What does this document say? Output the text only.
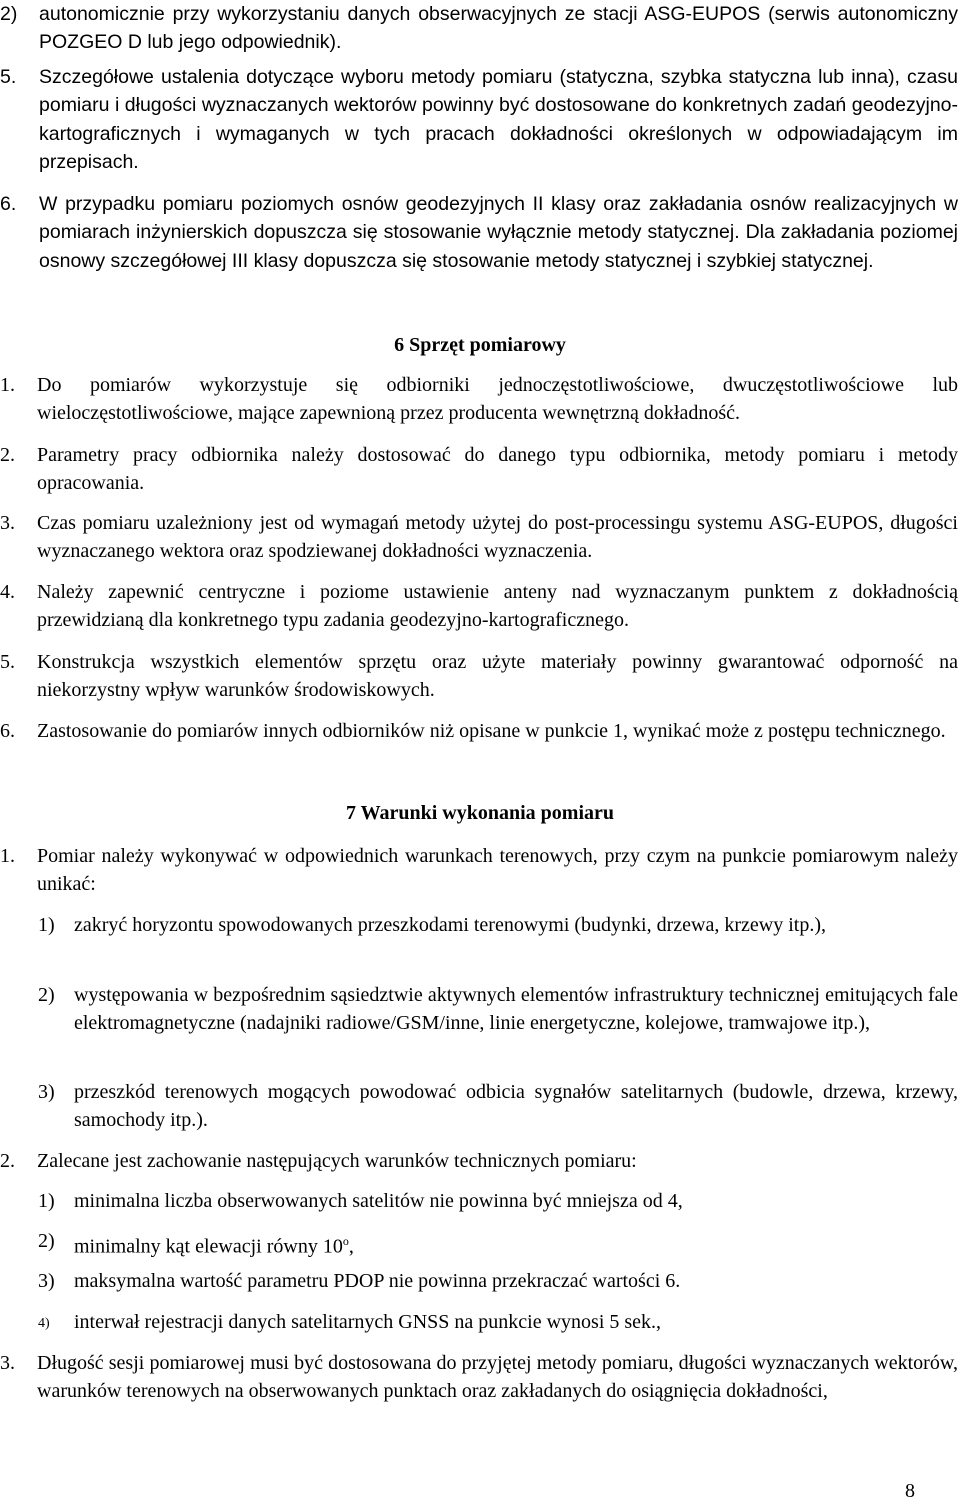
2) autonomicznie przy wykorzystaniu danych obserwacyjnych ze stacji ASG-EUPOS (serwis autonomiczny POZGEO D lub jego odpowiednik).
5. Szczegółowe ustalenia dotyczące wyboru metody pomiaru (statyczna, szybka statyczna lub inna), czasu pomiaru i długości wyznaczanych wektorów powinny być dostosowane do konkretnych zadań geodezyjno-kartograficznych i wymaganych w tych pracach dokładności określonych w odpowiadającym im przepisach.
6. W przypadku pomiaru poziomych osnów geodezyjnych II klasy oraz zakładania osnów realizacyjnych w pomiarach inżynierskich dopuszcza się stosowanie wyłącznie metody statycznej. Dla zakładania poziomej osnowy szczegółowej III klasy dopuszcza się stosowanie metody statycznej i szybkiej statycznej.
6 Sprzęt pomiarowy
1. Do pomiarów wykorzystuje się odbiorniki jednoczęstotliwościowe, dwuczęstotliwościowe lub wieloczęstotliwościowe, mające zapewnioną przez producenta wewnętrzną dokładność.
2. Parametry pracy odbiornika należy dostosować do danego typu odbiornika, metody pomiaru i metody opracowania.
3. Czas pomiaru uzależniony jest od wymagań metody użytej do post-processingu systemu ASG-EUPOS, długości wyznaczanego wektora oraz spodziewanej dokładności wyznaczenia.
4. Należy zapewnić centryczne i poziome ustawienie anteny nad wyznaczanym punktem z dokładnością przewidzianą dla konkretnego typu zadania geodezyjno-kartograficznego.
5. Konstrukcja wszystkich elementów sprzętu oraz użyte materiały powinny gwarantować odporność na niekorzystny wpływ warunków środowiskowych.
6. Zastosowanie do pomiarów innych odbiorników niż opisane w punkcie 1, wynikać może z postępu technicznego.
7 Warunki wykonania pomiaru
1. Pomiar należy wykonywać w odpowiednich warunkach terenowych, przy czym na punkcie pomiarowym należy unikać:
1) zakryć horyzontu spowodowanych przeszkodami terenowymi (budynki, drzewa, krzewy itp.),
2) występowania w bezpośrednim sąsiedztwie aktywnych elementów infrastruktury technicznej emitujących fale elektromagnetyczne (nadajniki radiowe/GSM/inne, linie energetyczne, kolejowe, tramwajowe itp.),
3) przeszkód terenowych mogących powodować odbicia sygnałów satelitarnych (budowle, drzewa, krzewy, samochody itp.).
2. Zalecane jest zachowanie następujących warunków technicznych pomiaru:
1) minimalna liczba obserwowanych satelitów nie powinna być mniejsza od 4,
2) minimalny kąt elewacji równy 10$^o$,
3) maksymalna wartość parametru PDOP nie powinna przekraczać wartości 6.
4) interwał rejestracji danych satelitarnych GNSS na punkcie wynosi 5 sek.,
3. Długość sesji pomiarowej musi być dostosowana do przyjętej metody pomiaru, długości wyznaczanych wektorów, warunków terenowych na obserwowanych punktach oraz zakładanych do osiągnięcia dokładności,
8
